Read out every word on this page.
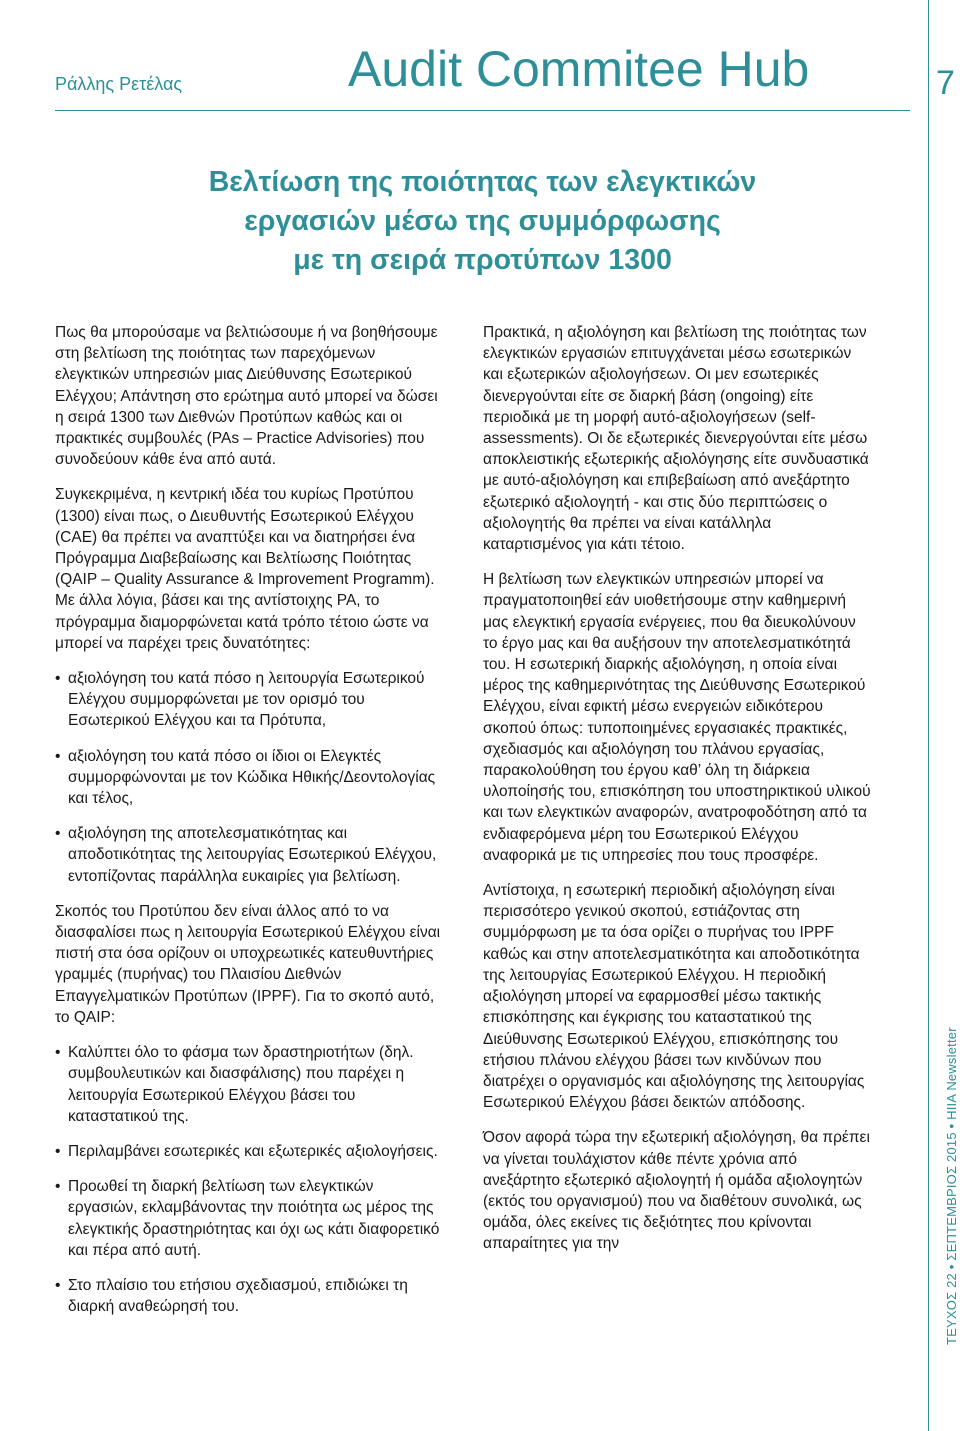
Ράλλης Ρετέλας	Audit Commitee Hub	7
ΤΕΥΧΟΣ 22 • ΣΕΠΤΕΜΒΡΙΟΣ 2015 • HIIA Newsletter
Βελτίωση της ποιότητας των ελεγκτικών
εργασιών μέσω της συμμόρφωσης
με τη σειρά προτύπων 1300

Πως θα μπορούσαμε να βελτιώσουμε ή να βοηθήσουμε στη βελτίωση της ποιότητας των παρεχόμενων ελεγκτικών υπηρεσιών μιας Διεύθυνσης Εσωτερικού Ελέγχου; Απάντηση στο ερώτημα αυτό μπορεί να δώσει η σειρά 1300 των Διεθνών Προτύπων καθώς και οι πρακτικές συμβουλές (PAs – Practice Advisories) που συνοδεύουν κάθε ένα από αυτά.

Συγκεκριμένα, η κεντρική ιδέα του κυρίως Προτύπου (1300) είναι πως, ο Διευθυντής Εσωτερικού Ελέγχου (CAE) θα πρέπει να αναπτύξει και να διατηρήσει ένα Πρόγραμμα Διαβεβαίωσης και Βελτίωσης Ποιότητας (QAIP – Quality Assurance & Improvement Programm). Με άλλα λόγια, βάσει και της αντίστοιχης PA, το πρόγραμμα διαμορφώνεται κατά τρόπο τέτοιο ώστε να μπορεί να παρέχει τρεις δυνατότητες:

• αξιολόγηση του κατά πόσο η λειτουργία Εσωτερικού Ελέγχου συμμορφώνεται με τον ορισμό του Εσωτερικού Ελέγχου και τα Πρότυπα,
• αξιολόγηση του κατά πόσο οι ίδιοι οι Ελεγκτές συμμορφώνονται με τον Κώδικα Ηθικής/Δεοντολογίας και τέλος,
• αξιολόγηση της αποτελεσματικότητας και αποδοτικότητας της λειτουργίας Εσωτερικού Ελέγχου, εντοπίζοντας παράλληλα ευκαιρίες για βελτίωση.

Σκοπός του Προτύπου δεν είναι άλλος από το να διασφαλίσει πως η λειτουργία Εσωτερικού Ελέγχου είναι πιστή στα όσα ορίζουν οι υποχρεωτικές κατευθυντήριες γραμμές (πυρήνας) του Πλαισίου Διεθνών Επαγγελματικών Προτύπων (IPPF). Για το σκοπό αυτό, το QAIP:

• Καλύπτει όλο το φάσμα των δραστηριοτήτων (δηλ. συμβουλευτικών και διασφάλισης) που παρέχει η λειτουργία Εσωτερικού Ελέγχου βάσει του καταστατικού της.
• Περιλαμβάνει εσωτερικές και εξωτερικές αξιολογήσεις.
• Προωθεί τη διαρκή βελτίωση των ελεγκτικών εργασιών, εκλαμβάνοντας την ποιότητα ως μέρος της ελεγκτικής δραστηριότητας και όχι ως κάτι διαφορετικό και πέρα από αυτή.
• Στο πλαίσιο του ετήσιου σχεδιασμού, επιδιώκει τη διαρκή αναθεώρησή του.

Πρακτικά, η αξιολόγηση και βελτίωση της ποιότητας των ελεγκτικών εργασιών επιτυγχάνεται μέσω εσωτερικών και εξωτερικών αξιολογήσεων. Οι μεν εσωτερικές διενεργούνται είτε σε διαρκή βάση (ongoing) είτε περιοδικά με τη μορφή αυτό-αξιολογήσεων (self-assessments). Οι δε εξωτερικές διενεργούνται είτε μέσω αποκλειστικής εξωτερικής αξιολόγησης είτε συνδυαστικά με αυτό-αξιολόγηση και επιβεβαίωση από ανεξάρτητο εξωτερικό αξιολογητή - και στις δύο περιπτώσεις ο αξιολογητής θα πρέπει να είναι κατάλληλα καταρτισμένος για κάτι τέτοιο.

Η βελτίωση των ελεγκτικών υπηρεσιών μπορεί να πραγματοποιηθεί εάν υιοθετήσουμε στην καθημερινή μας ελεγκτική εργασία ενέργειες, που θα διευκολύνουν το έργο μας και θα αυξήσουν την αποτελεσματικότητά του. Η εσωτερική διαρκής αξιολόγηση, η οποία είναι μέρος της καθημερινότητας της Διεύθυνσης Εσωτερικού Ελέγχου, είναι εφικτή μέσω ενεργειών ειδικότερου σκοπού όπως: τυποποιημένες εργασιακές πρακτικές, σχεδιασμός και αξιολόγηση του πλάνου εργασίας, παρακολούθηση του έργου καθ’ όλη τη διάρκεια υλοποίησής του, επισκόπηση του υποστηρικτικού υλικού και των ελεγκτικών αναφορών, ανατροφοδότηση από τα ενδιαφερόμενα μέρη του Εσωτερικού Ελέγχου αναφορικά με τις υπηρεσίες που τους προσφέρε.

Αντίστοιχα, η εσωτερική περιοδική αξιολόγηση είναι περισσότερο γενικού σκοπού, εστιάζοντας στη συμμόρφωση με τα όσα ορίζει ο πυρήνας του IPPF καθώς και στην αποτελεσματικότητα και αποδοτικότητα της λειτουργίας Εσωτερικού Ελέγχου. Η περιοδική αξιολόγηση μπορεί να εφαρμοσθεί μέσω τακτικής επισκόπησης και έγκρισης του καταστατικού της Διεύθυνσης Εσωτερικού Ελέγχου, επισκόπησης του ετήσιου πλάνου ελέγχου βάσει των κινδύνων που διατρέχει ο οργανισμός και αξιολόγησης της λειτουργίας Εσωτερικού Ελέγχου βάσει δεικτών απόδοσης.

Όσον αφορά τώρα την εξωτερική αξιολόγηση, θα πρέπει να γίνεται τουλάχιστον κάθε πέντε χρόνια από ανεξάρτητο εξωτερικό αξιολογητή ή ομάδα αξιολογητών (εκτός του οργανισμού) που να διαθέτουν συνολικά, ως ομάδα, όλες εκείνες τις δεξιότητες που κρίνονται απαραίτητες για την
